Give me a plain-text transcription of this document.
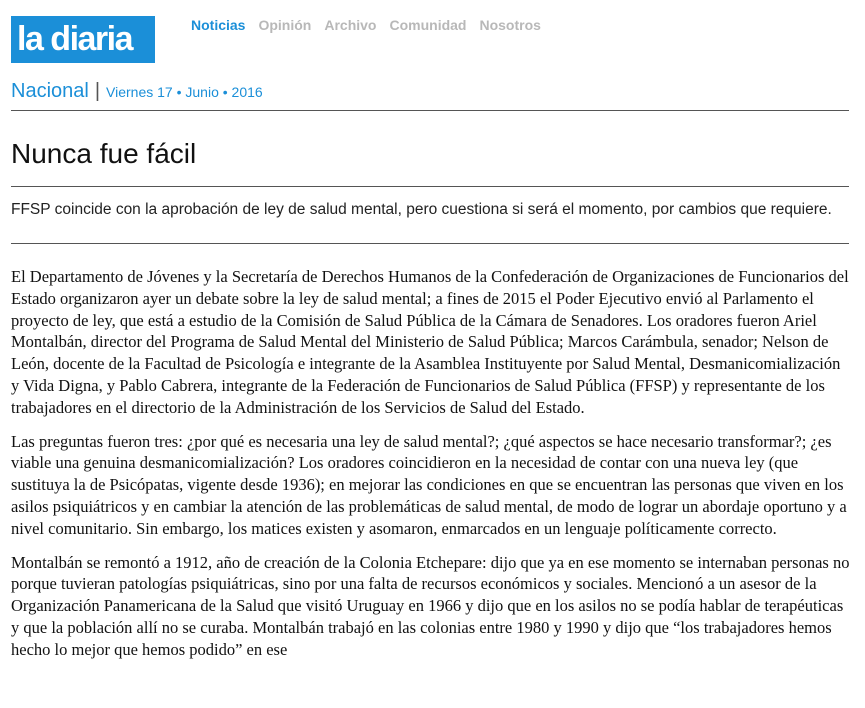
la diaria	Noticias Opinión Archivo Comunidad Nosotros
Nacional | Viernes 17 • Junio • 2016
Nunca fue fácil

FFSP coincide con la aprobación de ley de salud mental, pero cuestiona si será el momento, por cambios que requiere.

El Departamento de Jóvenes y la Secretaría de Derechos Humanos de la Confederación de Organizaciones de Funcionarios del Estado organizaron ayer un debate sobre la ley de salud mental; a fines de 2015 el Poder Ejecutivo envió al Parlamento el proyecto de ley, que está a estudio de la Comisión de Salud Pública de la Cámara de Senadores. Los oradores fueron Ariel Montalbán, director del Programa de Salud Mental del Ministerio de Salud Pública; Marcos Carámbula, senador; Nelson de León, docente de la Facultad de Psicología e integrante de la Asamblea Instituyente por Salud Mental, Desmanicomialización y Vida Digna, y Pablo Cabrera, integrante de la Federación de Funcionarios de Salud Pública (FFSP) y representante de los trabajadores en el directorio de la Administración de los Servicios de Salud del Estado.

Las preguntas fueron tres: ¿por qué es necesaria una ley de salud mental?; ¿qué aspectos se hace necesario transformar?; ¿es viable una genuina desmanicomialización? Los oradores coincidieron en la necesidad de contar con una nueva ley (que sustituya la de Psicópatas, vigente desde 1936); en mejorar las condiciones en que se encuentran las personas que viven en los asilos psiquiátricos y en cambiar la atención de las problemáticas de salud mental, de modo de lograr un abordaje oportuno y a nivel comunitario. Sin embargo, los matices existen y asomaron, enmarcados en un lenguaje políticamente correcto.

Montalbán se remontó a 1912, año de creación de la Colonia Etchepare: dijo que ya en ese momento se internaban personas no porque tuvieran patologías psiquiátricas, sino por una falta de recursos económicos y sociales. Mencionó a un asesor de la Organización Panamericana de la Salud que visitó Uruguay en 1966 y dijo que en los asilos no se podía hablar de terapéuticas y que la población allí no se curaba. Montalbán trabajó en las colonias entre 1980 y 1990 y dijo que “los trabajadores hemos hecho lo mejor que hemos podido” en ese
